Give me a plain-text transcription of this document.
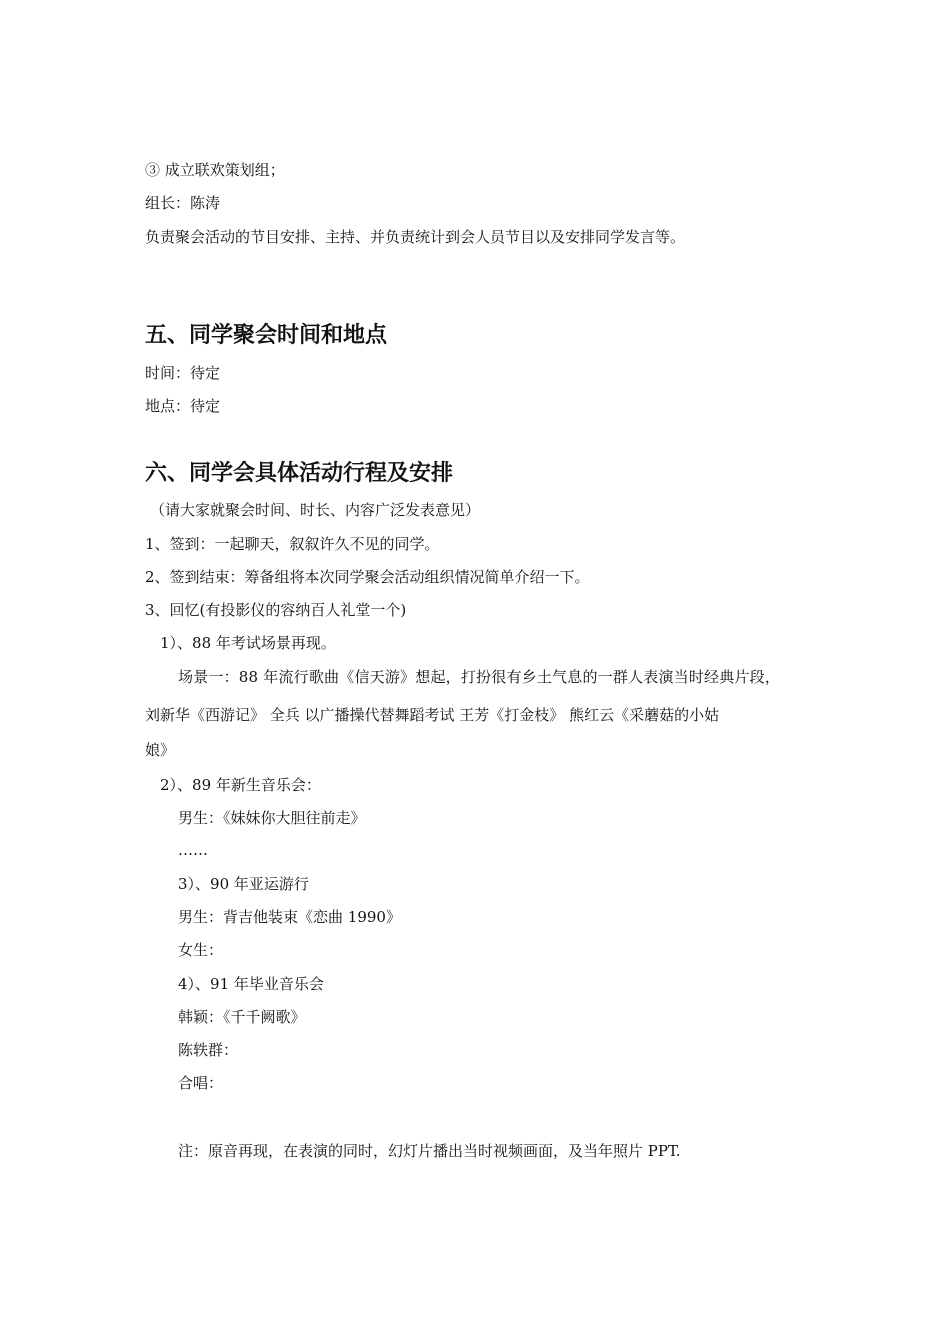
③ 成立联欢策划组；
组长：陈涛
负责聚会活动的节目安排、主持、并负责统计到会人员节目以及安排同学发言等。
五、同学聚会时间和地点
时间：待定
地点：待定
六、同学会具体活动行程及安排
（请大家就聚会时间、时长、内容广泛发表意见）
1、签到：一起聊天，叙叙许久不见的同学。
2、签到结束：筹备组将本次同学聚会活动组织情况简单介绍一下。
3、回忆(有投影仪的容纳百人礼堂一个)
1）、88 年考试场景再现。
场景一：88 年流行歌曲《信天游》想起，打扮很有乡土气息的一群人表演当时经典片段，
刘新华《西游记》 全兵 以广播操代替舞蹈考试 王芳《打金枝》 熊红云《采蘑菇的小姑
娘》
2）、89 年新生音乐会：
男生：《妹妹你大胆往前走》
……
3）、90 年亚运游行
男生：背吉他装束《恋曲 1990》
女生：
4）、91 年毕业音乐会
韩颖：《千千阙歌》
陈轶群：
合唱：
注：原音再现，在表演的同时，幻灯片播出当时视频画面，及当年照片 PPT.
